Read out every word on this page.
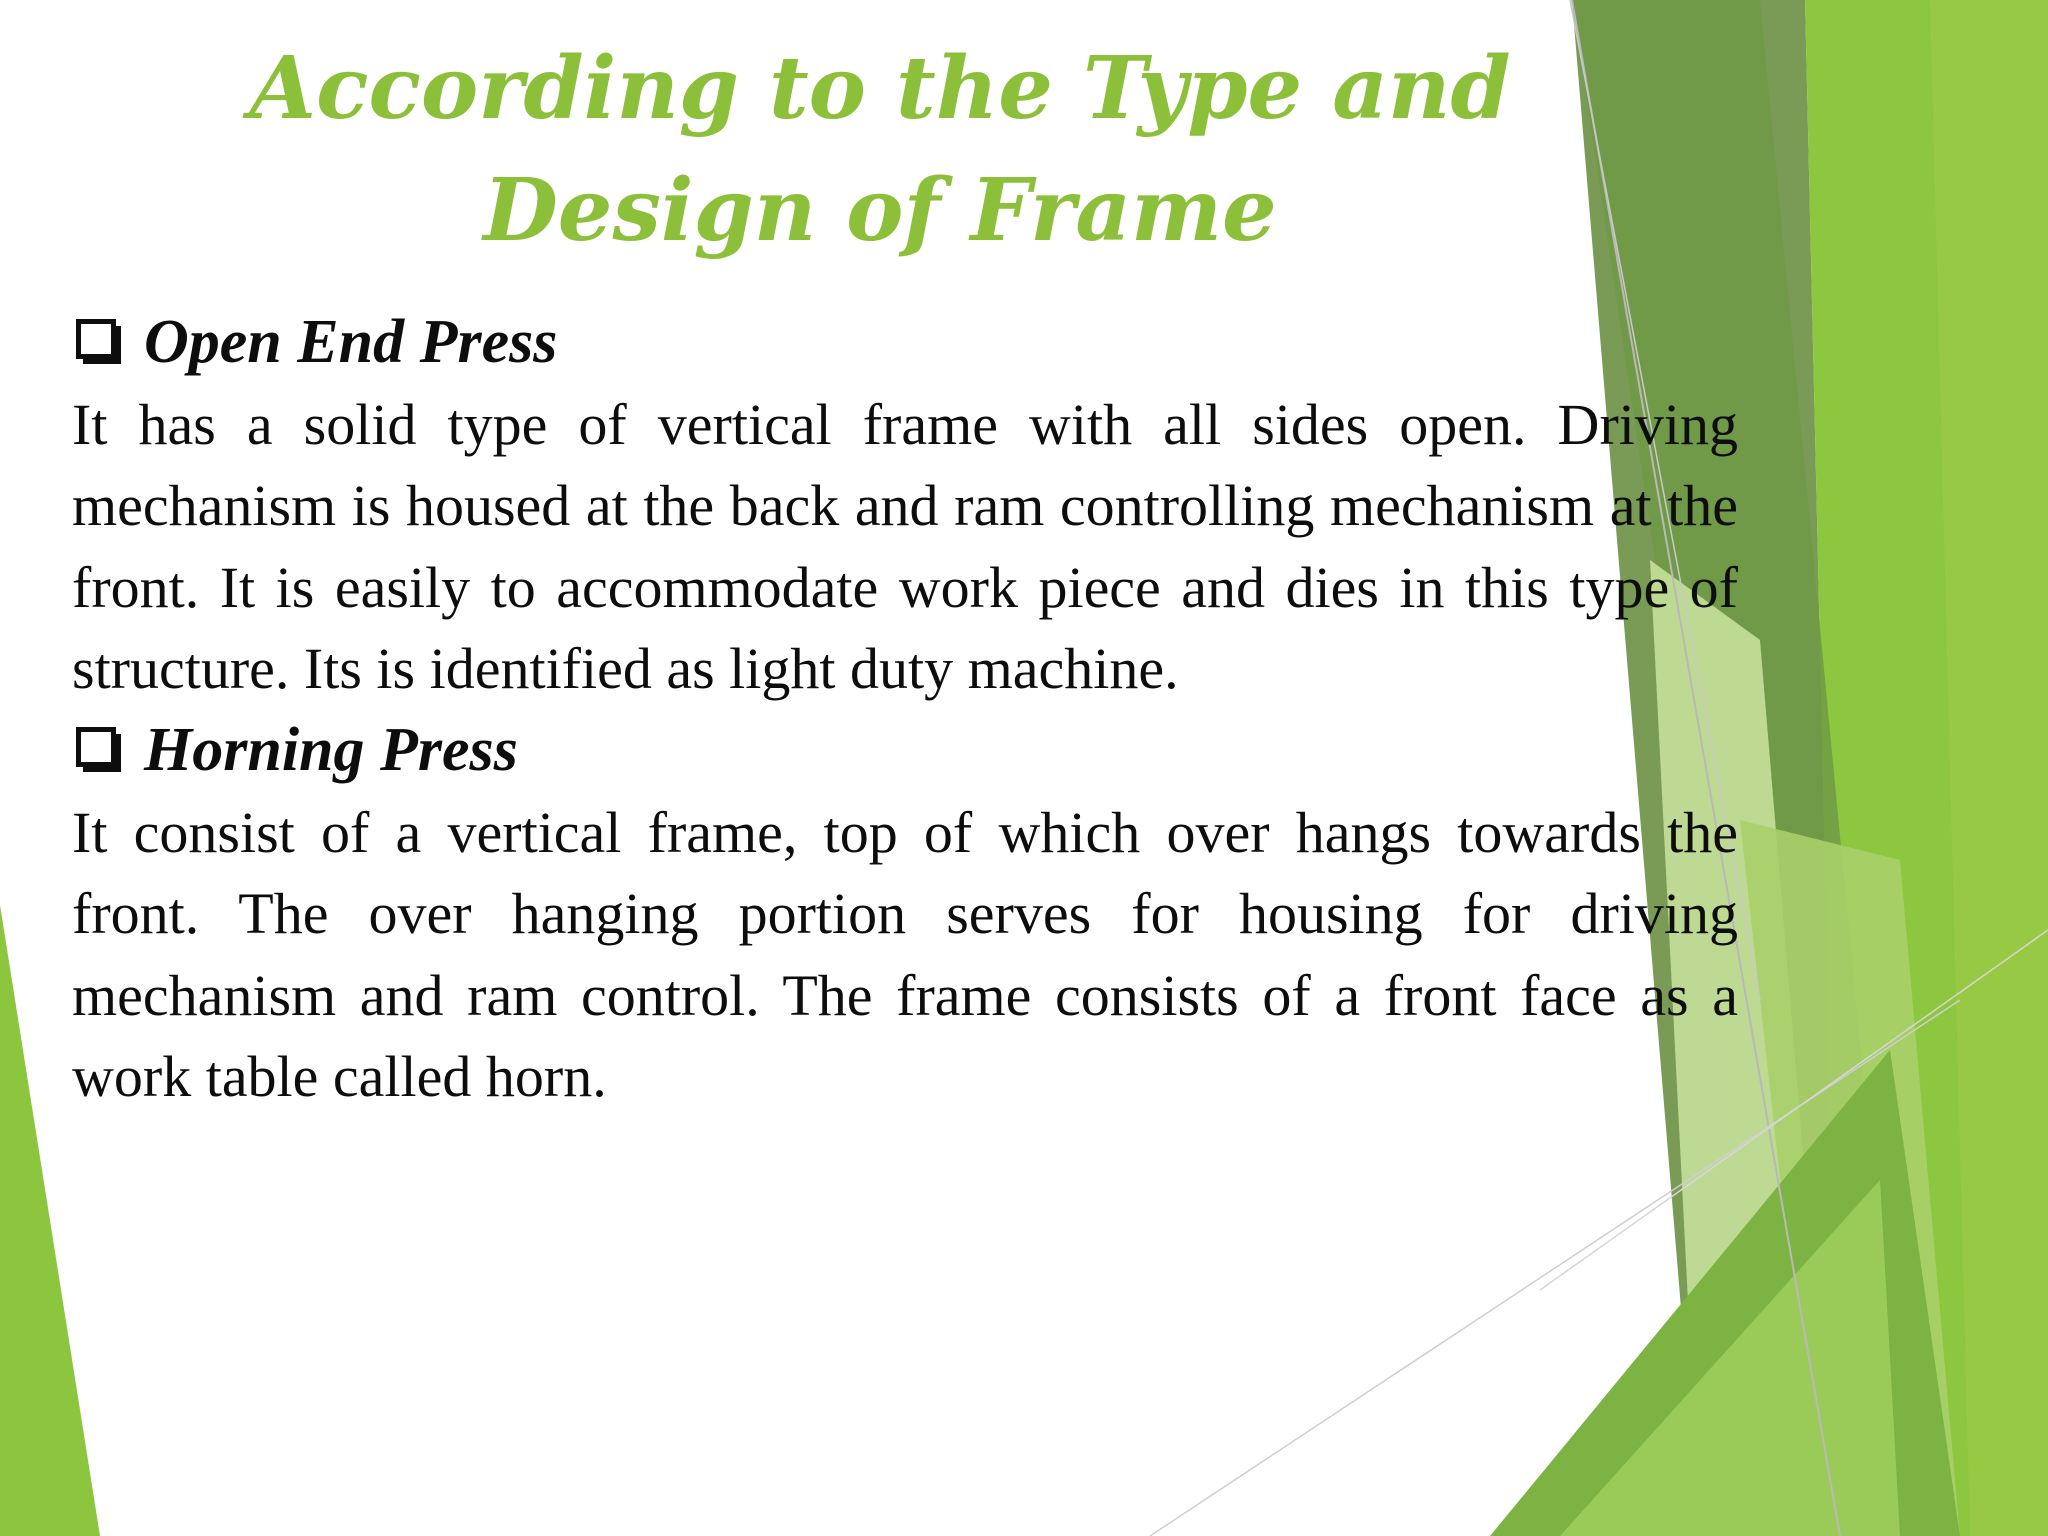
According to the Type and
Design of Frame
Open End Press

It has a solid type of vertical frame with all sides open. Driving mechanism is housed at the back and ram controlling mechanism at the front. It is easily to accommodate work piece and dies in this type of structure. Its is identified as light duty machine.

Horning Press

It consist of a vertical frame, top of which over hangs towards the front. The over hanging portion serves for housing for driving mechanism and ram control. The frame consists of a front face as a work table called horn.
